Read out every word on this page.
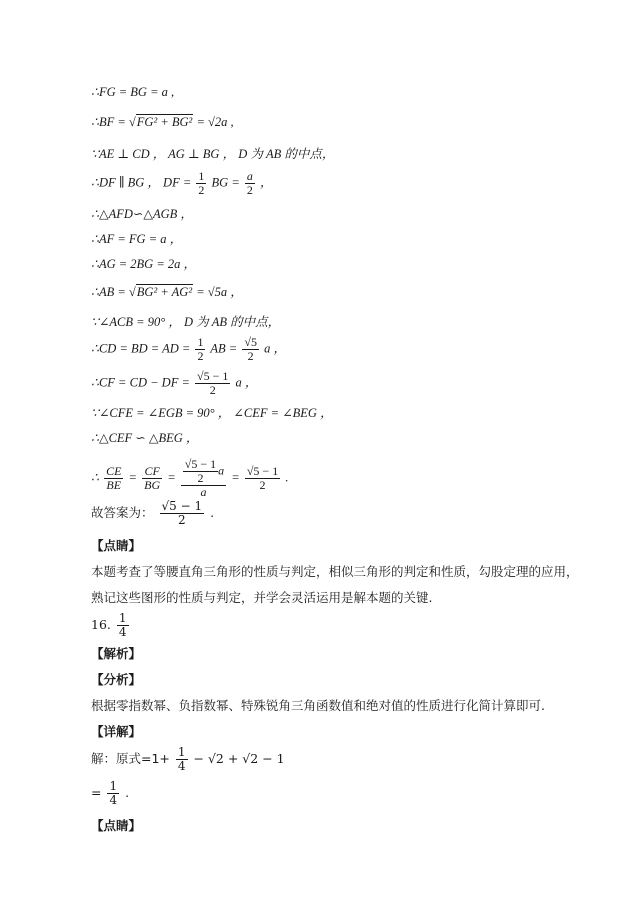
∴FG = BG = a ,
∴BF = √FG² + BG² = √2a ,
∵AE ⊥ CD ， AG ⊥ BG ， D 为 AB 的中点，
∴DF ∥ BG ， DF = $\frac{1}{2}$ BG = $\frac{a}{2}$ ，
∴△AFD∽△AGB ，
∴AF = FG = a ，
∴AG = 2BG = 2a ，
∴AB = √BG² + AG² = √5a ，
∵∠ACB = 90° ， D 为 AB 的中点，
∴CD = BD = AD = $\frac{1}{2}$ AB = $\frac{√5}{2}$ a ，
∴CF = CD − DF = $\frac{√5 - 1}{2}$ a ，
∵∠CFE = ∠EGB = 90° ， ∠CEF = ∠BEG ，
∴△CEF ∽ △BEG ，
∴ $\frac{CE}{BE} = \frac{CF}{BG} = \frac{\frac{√5 - 1}{2} a}{a} = \frac{√5 - 1}{2}$ .
故答案为： $\frac{√5 - 1}{2}$ .
【点睛】
本题考查了等腰直角三角形的性质与判定，相似三角形的判定和性质，勾股定理的应用，
熟记这些图形的性质与判定，并学会灵活运用是解本题的关键.
16. $\frac{1}{4}$
【解析】
【分析】
根据零指数幂、负指数幂、特殊锐角三角函数值和绝对值的性质进行化简计算即可.
【详解】
解：原式$=1+ \frac{1}{4} - √2 + √2 - 1$
= $\frac{1}{4}$ .
【点睛】
